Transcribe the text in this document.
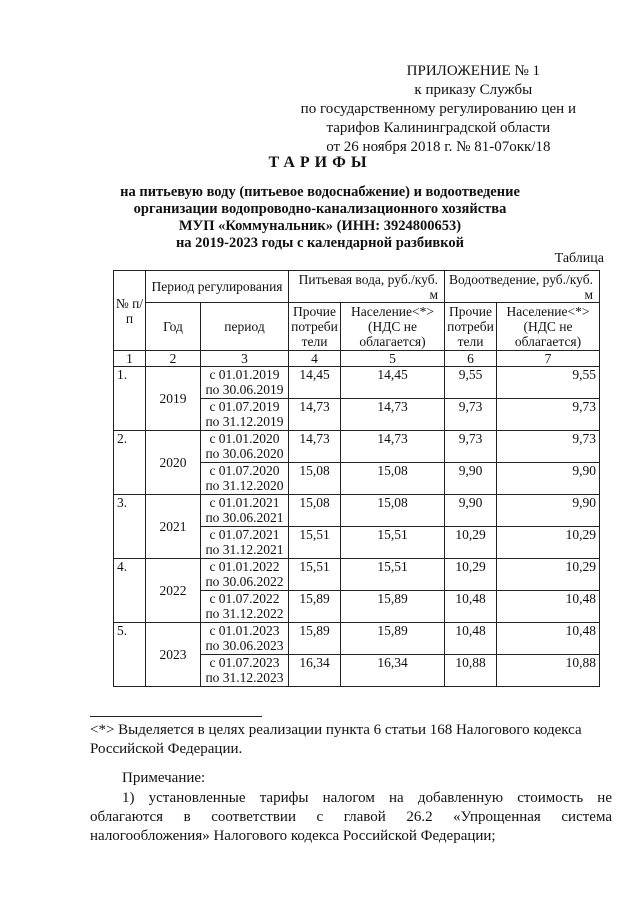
ПРИЛОЖЕНИЕ № 1
к приказу Службы
по государственному регулированию цен и
тарифов Калининградской области
от 26 ноября 2018 г. № 81-07окк/18
ТАРИФЫ
на питьевую воду (питьевое водоснабжение) и водоотведение
организации водопроводно-канализационного хозяйства
МУП «Коммунальник» (ИНН: 3924800653)
на 2019-2023 годы с календарной разбивкой
Таблица
№ п/п	Период регулирования		Питьевая вода, руб./куб. м		Водоотведение, руб./куб. м	
	Год	период	Прочие потреби тели	Население<*> (НДС не облагается)	Прочие потреби тели	Население<*> (НДС не облагается)
1	2	3	4	5	6	7
1.	2019	с 01.01.2019
по 30.06.2019	14,45	14,45	9,55	9,55

		с 01.07.2019
по 31.12.2019	14,73	14,73	9,73	9,73
2.	2020	с 01.01.2020
по 30.06.2020	14,73	14,73	9,73	9,73

		с 01.07.2020
по 31.12.2020	15,08	15,08	9,90	9,90
3.	2021	с 01.01.2021
по 30.06.2021	15,08	15,08	9,90	9,90

		с 01.07.2021
по 31.12.2021	15,51	15,51	10,29	10,29
4.	2022	с 01.01.2022
по 30.06.2022	15,51	15,51	10,29	10,29

		с 01.07.2022
по 31.12.2022	15,89	15,89	10,48	10,48
5.	2023	с 01.01.2023
по 30.06.2023	15,89	15,89	10,48	10,48

		с 01.07.2023
по 31.12.2023	16,34	16,34	10,88	10,88
<*> Выделяется в целях реализации пункта 6 статьи 168 Налогового кодекса Российской Федерации.
Примечание:
1) установленные тарифы налогом на добавленную стоимость не облагаются в соответствии с главой 26.2 «Упрощенная система налогообложения» Налогового кодекса Российской Федерации;
